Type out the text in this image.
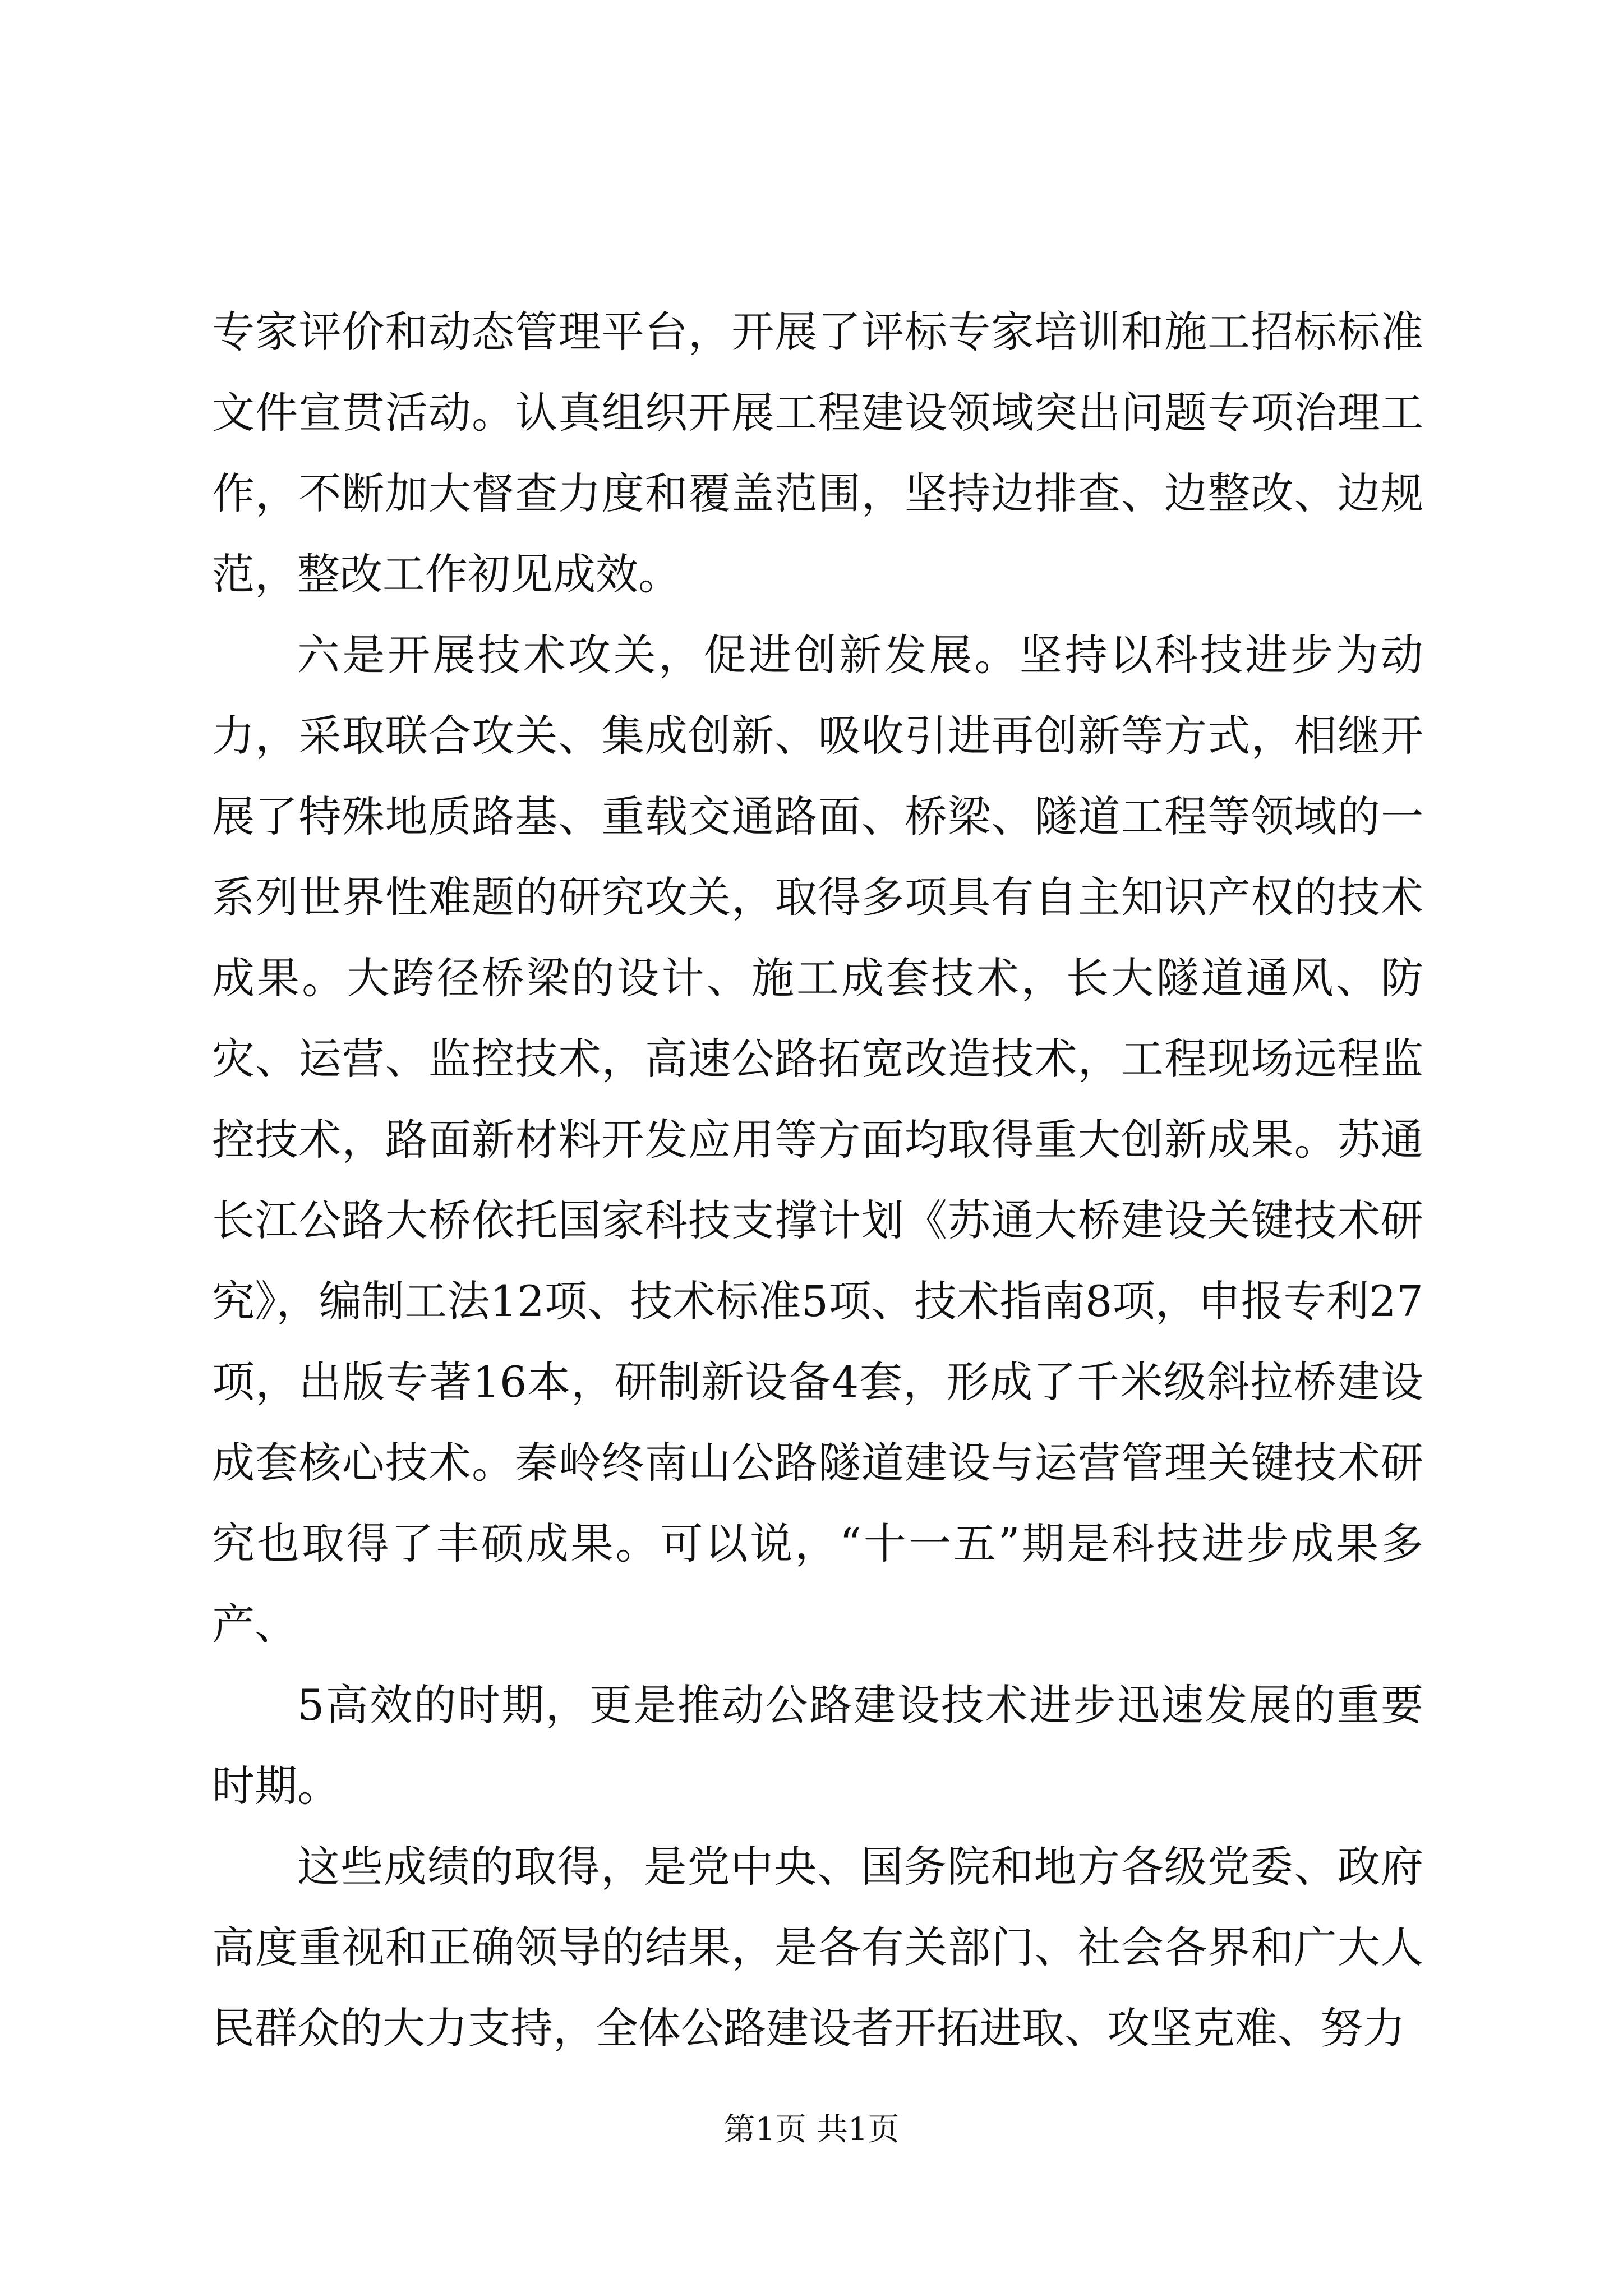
专家评价和动态管理平台，开展了评标专家培训和施工招标标准文件宣贯活动。认真组织开展工程建设领域突出问题专项治理工作，不断加大督查力度和覆盖范围，坚持边排查、边整改、边规范，整改工作初见成效。

六是开展技术攻关，促进创新发展。坚持以科技进步为动力，采取联合攻关、集成创新、吸收引进再创新等方式，相继开展了特殊地质路基、重载交通路面、桥梁、隧道工程等领域的一系列世界性难题的研究攻关，取得多项具有自主知识产权的技术成果。大跨径桥梁的设计、施工成套技术，长大隧道通风、防灾、运营、监控技术，高速公路拓宽改造技术，工程现场远程监控技术，路面新材料开发应用等方面均取得重大创新成果。苏通长江公路大桥依托国家科技支撑计划《苏通大桥建设关键技术研究》，编制工法12项、技术标准5项、技术指南8项，申报专利27项，出版专著16本，研制新设备4套，形成了千米级斜拉桥建设成套核心技术。秦岭终南山公路隧道建设与运营管理关键技术研究也取得了丰硕成果。可以说，“十一五”期是科技进步成果多产、

5高效的时期，更是推动公路建设技术进步迅速发展的重要时期。

这些成绩的取得，是党中央、国务院和地方各级党委、政府高度重视和正确领导的结果，是各有关部门、社会各界和广大人民群众的大力支持，全体公路建设者开拓进取、攻坚克难、努力

第1页 共1页
